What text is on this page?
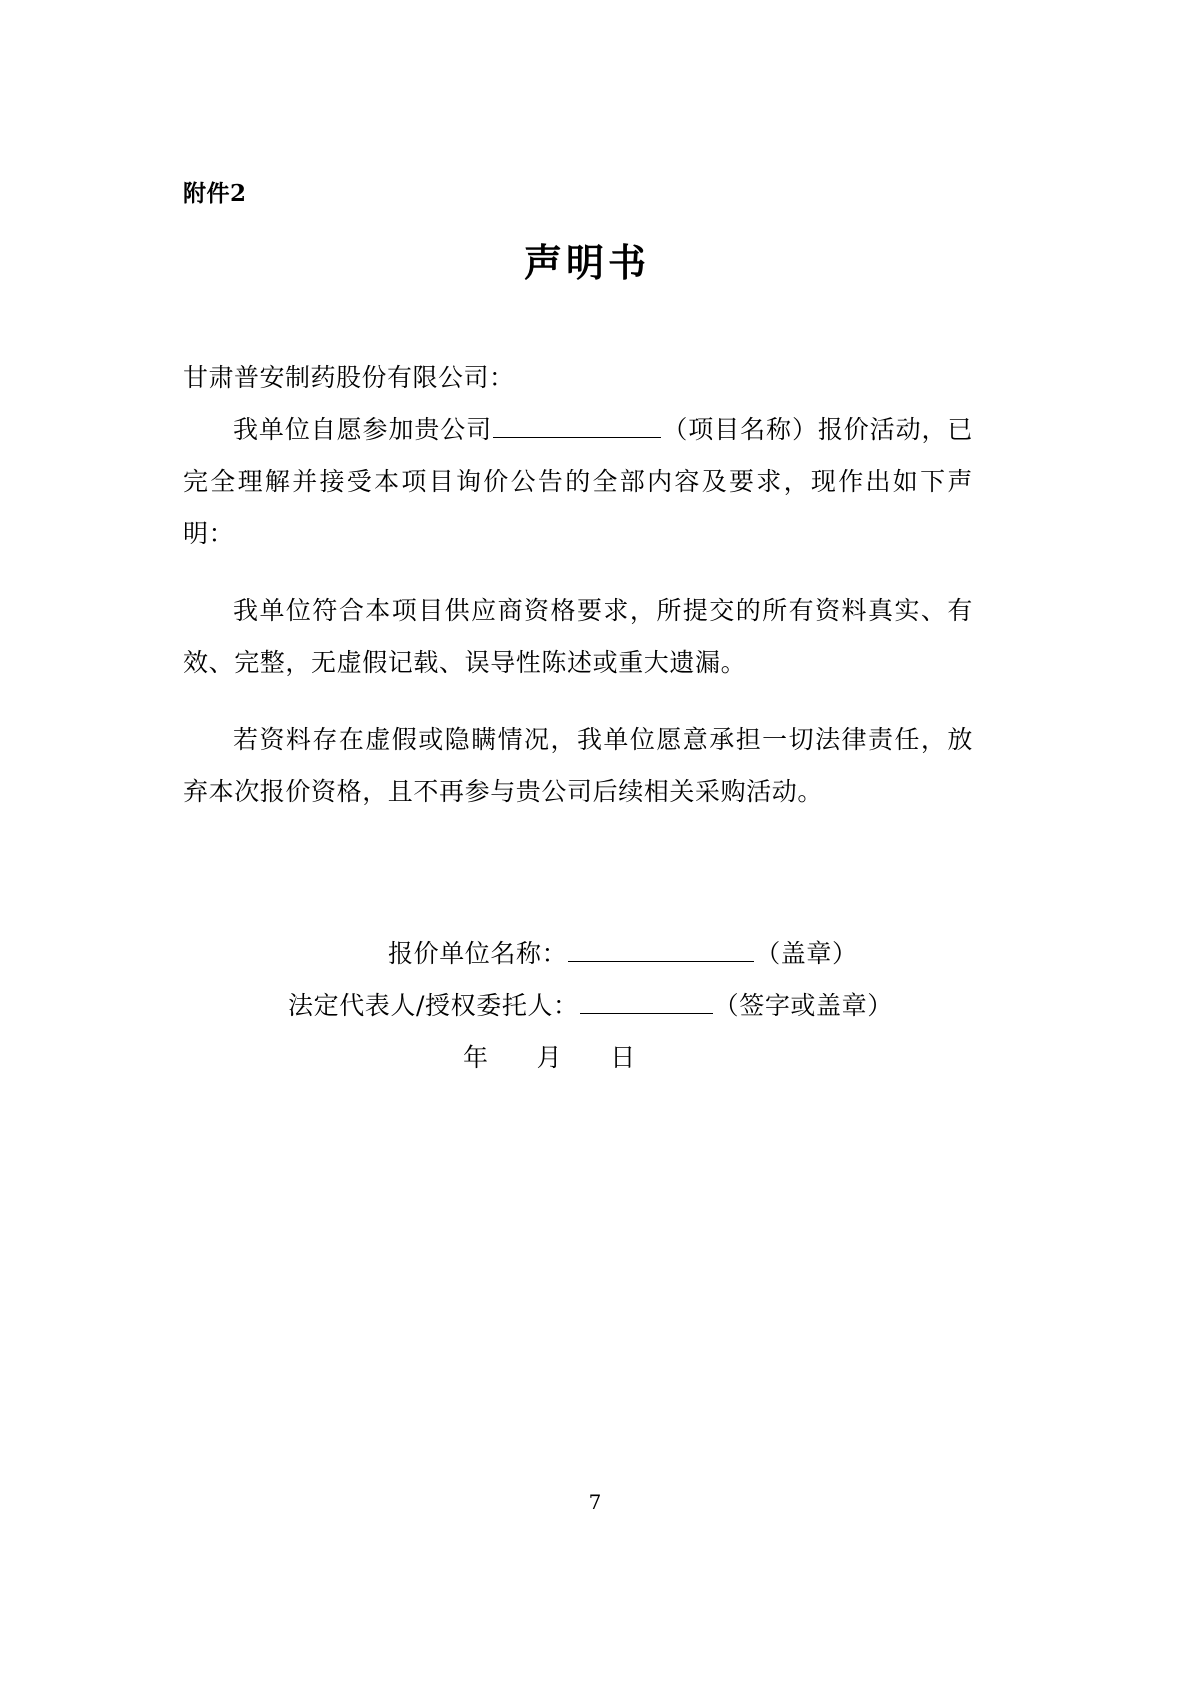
附件2
声明书
甘肃普安制药股份有限公司：

我单位自愿参加贵公司	（项目名称）报价活动，已完全理解并接受本项目询价公告的全部内容及要求，现作出如下声明：

我单位符合本项目供应商资格要求，所提交的所有资料真实、有效、完整，无虚假记载、误导性陈述或重大遗漏。

若资料存在虚假或隐瞒情况，我单位愿意承担一切法律责任，放弃本次报价资格，且不再参与贵公司后续相关采购活动。

报价单位名称：	（盖章）
法定代表人/授权委托人：	（签字或盖章）
年 月 日
7
